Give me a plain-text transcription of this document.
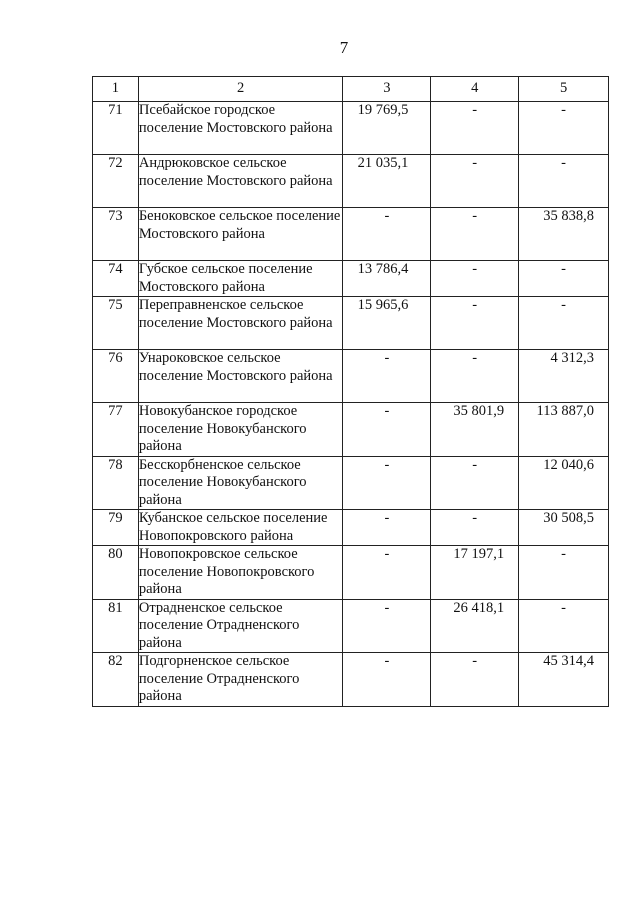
7
1	2	3	4	5
71	Псебайское городское поселение Мостовского района	19 769,5	-	-
72	Андрюковское сельское поселение Мостовского района	21 035,1	-	-
73	Беноковское сельское поселение Мостовского района	-	-	35 838,8
74	Губское сельское поселение Мостовского района	13 786,4	-	-
75	Переправненское сельское поселение Мостовского района	15 965,6	-	-
76	Унароковское сельское поселение Мостовского района	-	-	4 312,3
77	Новокубанское городское поселение Новокубанского района	-	35 801,9	113 887,0
78	Бесскорбненское сельское поселение Новокубанского района	-	-	12 040,6
79	Кубанское сельское поселение Новопокровского района	-	-	30 508,5
80	Новопокровское сельское поселение Новопокровского района	-	17 197,1	-
81	Отрадненское сельское поселение Отрадненского района	-	26 418,1	-
82	Подгорненское сельское поселение Отрадненского района	-	-	45 314,4
